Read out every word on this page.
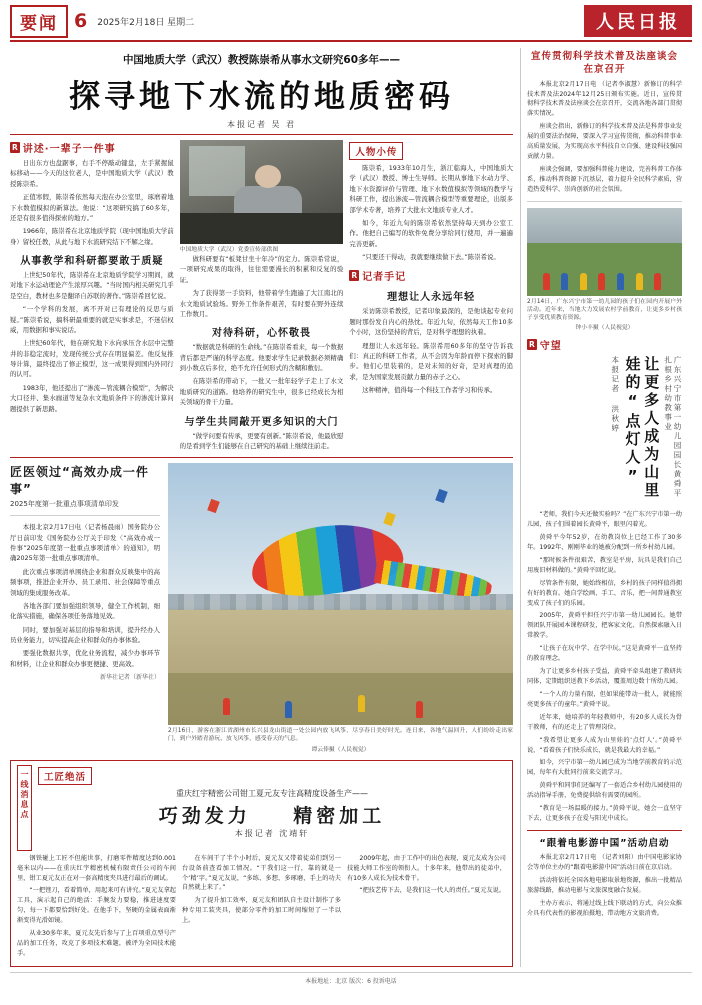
要闻 6 2025年2月18日 星期二	人民日报
中国地质大学（武汉）教授陈崇希从事水文研究60多年——
探寻地下水流的地质密码
本报记者 吴 君
R 讲述·一辈子一件事

日出东方也盘踞事，右手不停敲动键盘，左手紧握鼠标移动——今天的这位老人，是中国地质大学（武汉）教授陈崇希。

正值寒假，陈崇希依然每天泡在办公室里，琢磨着地下水数值模拟的新算法。他说：“这项研究搞了60多年，还是有很多值得探索的地方。”

1966年，陈崇希在北京地质学院（现中国地质大学前身）留校任教，从此与地下水流研究结下不解之缘。

从事教学和科研都要敢于质疑

上世纪50年代，陈崇希在北京地质学院学习期间，就对地下水运动理论产生浓厚兴趣。“当时国内相关研究几乎是空白，教材也多是翻译自苏联的著作。”陈崇希回忆说。

“一个学科的发展，离不开对已有理论的反思与质疑。”陈崇希说，搞科研最重要的就是实事求是，不迷信权威，用数据和事实说话。

上世纪60年代，他在研究地下水向承压含水层中完整井的非稳定流时，发现传统公式存在明显偏差。他反复推导计算，最终提出了修正模型，这一成果得到国内外同行的认可。

1983年，他还提出了“渗流—管流耦合模型”，为解决大口径井、集水廊道等复杂水文地质条件下的渗流计算问题提供了新思路。

中国地质大学（武汉）党委宣传部供图

做科研要有“板凳甘坐十年冷”的定力。陈崇希常说，一项研究成果的取得，往往需要漫长的积累和反复的验证。

为了获得第一手资料，他带着学生跑遍了大江南北的水文地质试验场。野外工作条件艰苦，有时要在野外连续工作数月。

对待科研，心怀敬畏

“数据就是科研的生命线。”在陈崇希看来，每一个数据背后都是严谨的科学态度。他要求学生记录数据必须精确到小数点后多位，绝不允许任何形式的含糊和敷衍。

在陈崇希的带动下，一批又一批年轻学子走上了水文地质研究的道路。他培养的研究生中，很多已经成长为相关领域的骨干力量。

与学生共同敲开更多知识的大门

“做学问要有传承，更要有创新。”陈崇希说，他最欣慰的是看到学生们能够在自己研究的基础上继续往前走。

人物小传

陈崇希，1933年10月生，浙江临海人，中国地质大学（武汉）教授、博士生导师。长期从事地下水动力学、地下水资源评价与管理、地下水数值模拟等领域的教学与科研工作，提出渗流—管流耦合模型等重要理论，出版多部学术专著，培养了大批水文地质专业人才。

如今，年近九旬的陈崇希依然坚持每天到办公室工作。他把自己编写的软件免费分享给同行使用，并一遍遍完善更新。

“只要还干得动，我就要继续做下去。”陈崇希说。

R 记者手记
理想让人永远年轻

采访陈崇希教授，记者印象最深的，是他谈起专业问题时那份发自内心的热忱。年近九旬，依然每天工作10多个小时，这份坚持的背后，是对科学理想的执着。

理想让人永远年轻。陈崇希用60多年的坚守告诉我们：真正的科研工作者，从不会因为年龄而停下探索的脚步。他们心里装着的，是对未知的好奇，是对真理的追求，是为国家发展贡献力量的赤子之心。

这种精神，值得每一个科技工作者学习和传承。

匠医领过“高效办成一件事”
2025年度第一批重点事项清单印发

本报北京2月17日电（记者杨晨雨）国务院办公厅日前印发《国务院办公厅关于印发〈“高效办成一件事”2025年度第一批重点事项清单〉的通知》，明确2025年第一批重点事项清单。

此次重点事项清单围绕企业和群众反映集中的高频事项，推进企业开办、员工录用、社会保障等重点领域的集成服务改革。

各地各部门要加强组织领导，健全工作机制，细化落实措施，确保各项任务落地见效。

同时，要加强对基层的指导和培训，提升经办人员业务能力，切实提高企业和群众的办事体验。

要强化数据共享，优化业务流程，减少办事环节和材料，让企业和群众办事更便捷、更高效。

新华社记者（新华社）
2月16日，游客在浙江省湖州市长兴县龙山街道一处公园内放飞风筝，尽享春日美好时光。连日来，各地气温回升，人们纷纷走出家门，到户外踏青游玩、放飞风筝，感受春天的气息。
谭云俸摄（人民视觉）
一线消息点	工匠绝活
重庆红宇精密公司钳工夏元友专注高精度设备生产——
巧劲发力 精密加工
本报记者 沈靖轩

钢铁碰上工匠不但能世事，打磨零件精度达到0.001毫米以内——在重庆红宇精密机械有限责任公司的车间里，钳工夏元友正在对一套高精度夹具进行最后的调试。

“一把锉刀，看着简单，用起来可有讲究。”夏元友拿起工具，演示起自己的绝活：手腕发力要稳，推进速度要匀，每一下都要恰到好处。在他手下，坚硬的金属表面渐渐变得光滑如镜。

从业30多年来，夏元友先后参与了上百项重点型号产品的加工任务，攻克了多项技术难题，被评为全国技术能手。

在车间干了半个小时后，夏元友又带着徒弟们到另一台设备前查看加工情况。“干我们这一行，靠的就是一个‘精’字。”夏元友说，“多练、多想、多琢磨，手上的功夫自然就上来了。”

为了提升加工效率，夏元友和团队自主设计制作了多种专用工装夹具，使部分零件的加工时间缩短了一半以上。

2009年起，由于工作中的出色表现，夏元友成为公司技能大师工作室的领衔人。十多年来，他带出的徒弟中，有10多人成长为技术骨干。

“把技艺传下去，是我们这一代人的责任。”夏元友说。

宣传贯彻科学技术普及法座谈会在京召开

本报北京2月17日电 （记者李淑慧）新修订的科学技术普及法2024年12月25日颁布实施。近日，宣传贯彻科学技术普及法座谈会在京召开，交流各地各部门贯彻落实情况。

座谈会指出，新修订的科学技术普及法是科普事业发展的重要法治保障，要深入学习宣传贯彻，推动科普事业高质量发展，为实现高水平科技自立自强、建设科技强国贡献力量。

座谈会强调，要加强科普能力建设，完善科普工作体系，推动科普资源下沉基层，着力提升全民科学素质，营造热爱科学、崇尚创新的社会氛围。

2月14日，广东兴宁市第一幼儿园的孩子们在园内开展户外活动。近年来，当地大力发展农村学前教育，让更多乡村孩子享受优质教育资源。
钟小丰摄（人民视觉）
R 守望
本报记者 洪秋婷	让更多人成为山里娃的“点灯人”	广东兴宁市第一幼儿园园长黄舜平扎根乡村幼教事业

“老师，我们今天还做实验吗？”在广东兴宁市第一幼儿园，孩子们围着园长黄舜平，眼里闪着光。

黄舜平今年52岁，在幼教岗位上已经工作了30多年。1992年，刚刚毕业的她被分配到一所乡村幼儿园。

“那时候条件很艰苦，教室是平房，玩具是我们自己用废旧材料做的。”黄舜平回忆说。

尽管条件有限，她始终相信，乡村的孩子同样值得拥有好的教育。她自学绘画、手工、音乐，把一间普通教室变成了孩子们的乐园。

2005年，黄舜平担任兴宁市第一幼儿园园长。她带领团队开展园本课程研发，把客家文化、自然探索融入日常教学。

“让孩子在玩中学、在学中玩。”这是黄舜平一直坚持的教育理念。

为了让更多乡村孩子受益，黄舜平牵头组建了教研共同体，定期组织送教下乡活动，覆盖周边数十所幼儿园。

“一个人的力量有限，但如果能带动一批人，就能照亮更多孩子的童年。”黄舜平说。

近年来，她培养的年轻教师中，有20多人成长为骨干教师，有的还走上了管理岗位。

“我希望让更多人成为山里娃的‘点灯人’。”黄舜平说，“看着孩子们快乐成长，就是我最大的幸福。”

如今，兴宁市第一幼儿园已成为当地学前教育的示范园，每年有大批同行前来交流学习。

黄舜平和同事们还编写了一套适合乡村幼儿园使用的活动指导手册，免费提供给有需要的园所。

“教育是一场温暖的接力。”黄舜平说，她会一直坚守下去，让更多孩子在爱与阳光中成长。

“跟着电影游中国”活动启动

本报北京2月17日电 （记者刘阳）由中国电影家协会等单位主办的“跟着电影游中国”活动日前在京启动。

活动将依托全国各地电影取景地资源，推出一批精品旅游线路，推动电影与文旅深度融合发展。

主办方表示，将通过线上线下联动的方式，向公众推介具有代表性的影视拍摄地，带动地方文旅消费。

本报地址：北京 版次：6 投诉电话
